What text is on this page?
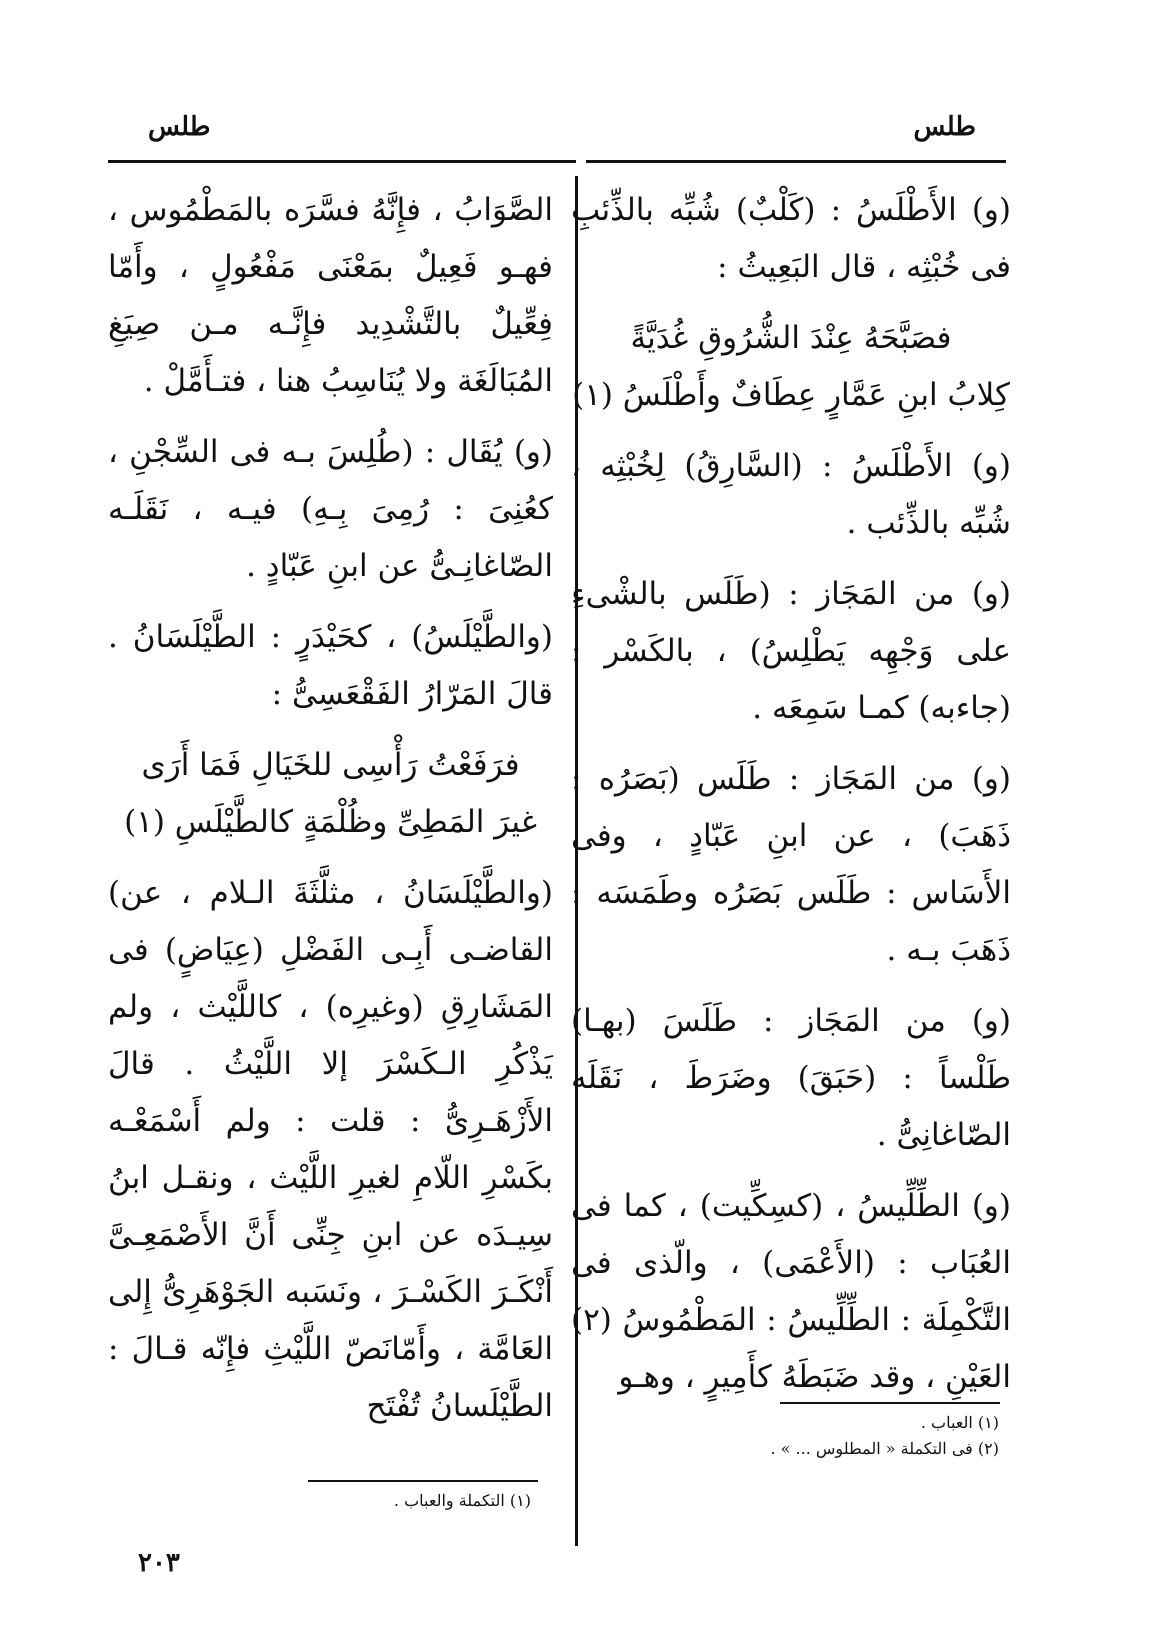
طلس
طلس

(و) الأَطْلَسُ : (كَلْبٌ) شُبِّه بالذِّئبِ فى خُبْثِه ، قال البَعِيثُ :

فصَبَّحَهُ عِنْدَ الشُّرُوقِ غُدَيَّةً

كِلابُ ابنِ عَمَّارٍ عِطَافٌ وأَطْلَسُ (١)

(و) الأَطْلَسُ : (السَّارِقُ) لِخُبْثِه ، شُبِّه بالذِّئب .

(و) من المَجَاز : (طَلَس بالشْىءِ على وَجْهِه يَطْلِسُ) ، بالكَسْر : (جاءبه) كمـا سَمِعَه .

(و) من المَجَاز : طَلَس (بَصَرُه : ذَهَبَ) ، عن ابنِ عَبّادٍ ، وفى الأَسَاس : طَلَس بَصَرُه وطَمَسَه : ذَهَبَ بـه .

(و) من المَجَاز : طَلَسَ (بهـا) طَلْساً : (حَبَقَ) وضَرَطَ ، نَقَلَه الصّاغانِىُّ .

(و) الطِّلِّيسُ ، (كسِكِّيت) ، كما فى العُبَاب : (الأَعْمَى) ، والّذى فى التَّكْمِلَة : الطِّلِّيسُ : المَطْمُوسُ (٢) العَيْنِ ، وقد ضَبَطَهُ كأَمِيرٍ ، وهـو

الصَّوَابُ ، فإِنَّهُ فسَّرَه بالمَطْمُوس ، فهـو فَعِيلٌ بمَعْنَى مَفْعُولٍ ، وأَمّا فِعِّيلٌ بالتَّشْدِيد فإِنَّـه مـن صِيَغِ المُبَالَغَة ولا يُنَاسِبُ هنا ، فتـأَمَّلْ .

(و) يُقَال : (طُلِسَ بـه فى السِّجْنِ ، كعُنِىَ : رُمِىَ بِـهِ) فيـه ، نَقَلَـه الصّاغانِـىُّ عن ابنِ عَبّادٍ .

(والطَّيْلَسُ) ، كحَيْدَرٍ : الطَّيْلَسَانُ . قالَ المَرّارُ الفَقْعَسِىُّ :

فرَفَعْتُ رَأْسِى للخَيَالِ فَمَا أَرَى

غيرَ المَطِىِّ وظُلْمَةٍ كالطَّيْلَسِ (١)

(والطَّيْلَسَانُ ، مثلَّثَةَ الـلام ، عن) القاضـى أَبِـى الفَضْلِ (عِيَاضٍ) فى المَشَارِقِ (وغيرِه) ، كاللَّيْث ، ولم يَذْكُرِ الـكَسْرَ إلا اللَّيْثُ . قالَ الأَزْهَـرِىُّ : قلت : ولم أَسْمَعْـه بكَسْرِ اللّامِ لغيرِ اللَّيْث ، ونقـل ابنُ سِيـدَه عن ابنِ جِنِّى أَنَّ الأَصْمَعِـىَّ أَنْكَـرَ الكَسْـرَ ، ونَسَبه الجَوْهَرِىُّ إِلى العَامَّة ، وأَمّانَصّ اللَّيْثِ فإِنّه قـالَ : الطَّيْلَسانُ تُفْتَح	(١) العباب .
(٢) فى التكملة « المطلوس ... » .
(١) التكملة والعباب .
٢٠٣
